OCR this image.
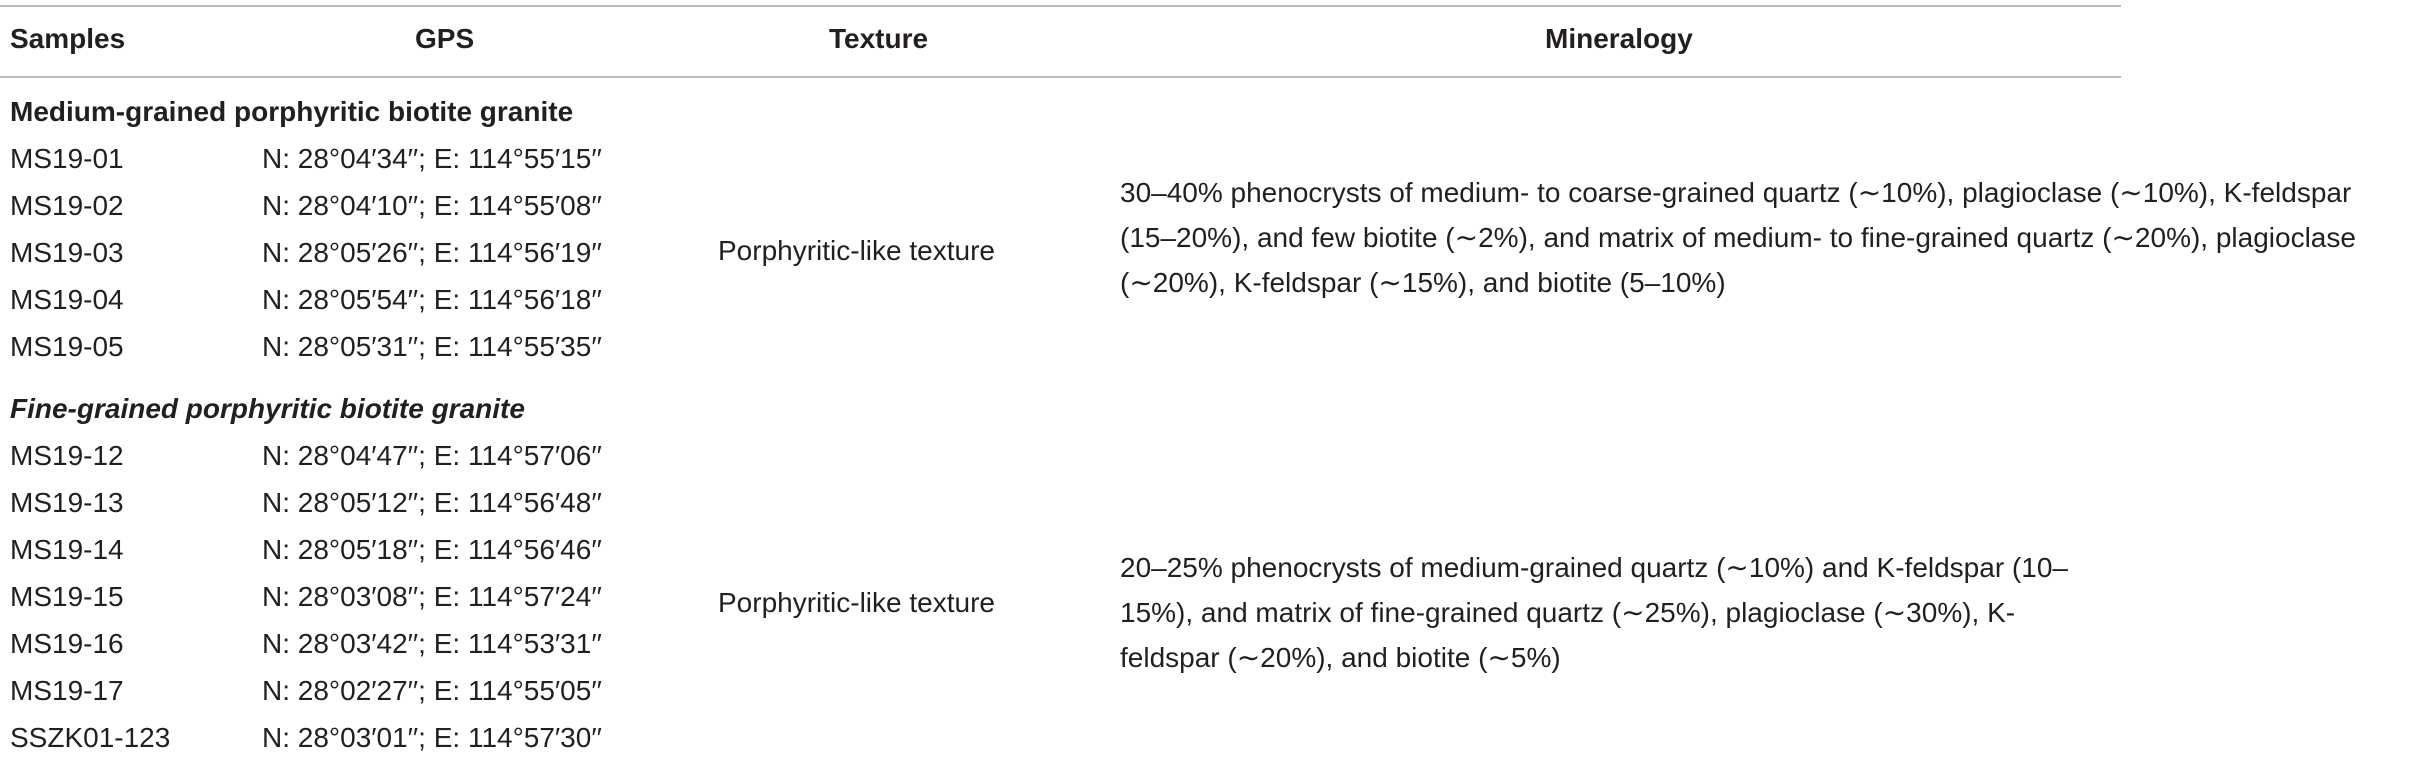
Samples	GPS	Texture	Mineralogy
Medium-grained porphyritic biotite granite
MS19-01	N: 28°04′34′′; E: 114°55′15′′
MS19-02	N: 28°04′10′′; E: 114°55′08′′
MS19-03	N: 28°05′26′′; E: 114°56′19′′
MS19-04	N: 28°05′54′′; E: 114°56′18′′
MS19-05	N: 28°05′31′′; E: 114°55′35′′
Porphyritic-like texture
30–40% phenocrysts of medium- to coarse-grained quartz (∼10%), plagioclase (∼10%), K-feldspar (15–20%), and few biotite (∼2%), and matrix of medium- to fine-grained quartz (∼20%), plagioclase (∼20%), K-feldspar (∼15%), and biotite (5–10%)
Fine-grained porphyritic biotite granite
MS19-12	N: 28°04′47′′; E: 114°57′06′′
MS19-13	N: 28°05′12′′; E: 114°56′48′′
MS19-14	N: 28°05′18′′; E: 114°56′46′′
MS19-15	N: 28°03′08′′; E: 114°57′24′′
MS19-16	N: 28°03′42′′; E: 114°53′31′′
MS19-17	N: 28°02′27′′; E: 114°55′05′′
SSZK01-123	N: 28°03′01′′; E: 114°57′30′′
Porphyritic-like texture
20–25% phenocrysts of medium-grained quartz (∼10%) and K-feldspar (10–15%), and matrix of fine-grained quartz (∼25%), plagioclase (∼30%), K-feldspar (∼20%), and biotite (∼5%)
